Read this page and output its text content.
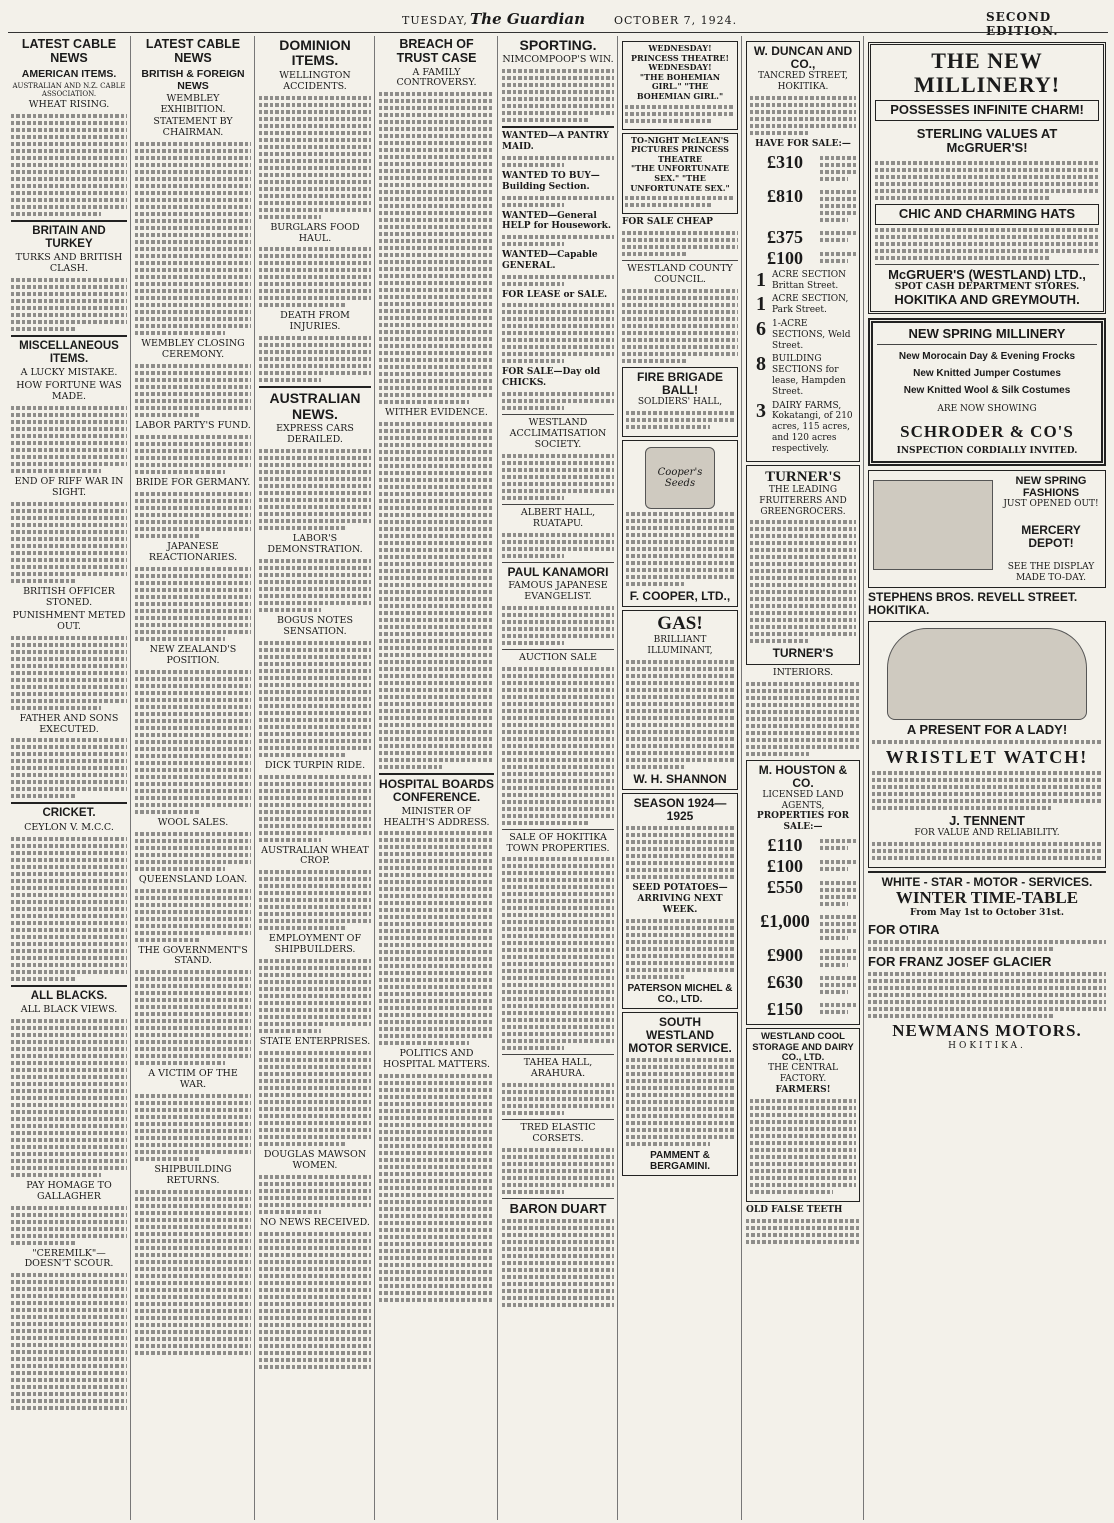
TUESDAY, The Guardian	OCTOBER 7, 1924.	SECOND EDITION.
LATEST CABLE NEWS
AMERICAN ITEMS.
AUSTRALIAN AND N.Z. CABLE ASSOCIATION.
WHEAT RISING.
BRITAIN AND TURKEY
TURKS AND BRITISH CLASH.
MISCELLANEOUS ITEMS.
A LUCKY MISTAKE.
HOW FORTUNE WAS MADE.
END OF RIFF WAR IN SIGHT.
BRITISH OFFICER STONED.
PUNISHMENT METED OUT.
FATHER AND SONS EXECUTED.
CRICKET.
CEYLON V. M.C.C.
ALL BLACKS.
ALL BLACK VIEWS.
PAY HOMAGE TO GALLAGHER
"CEREMILK"—DOESN'T SCOUR.
LATEST CABLE NEWS
BRITISH & FOREIGN NEWS
WEMBLEY EXHIBITION.
STATEMENT BY CHAIRMAN.
WEMBLEY CLOSING CEREMONY.
LABOR PARTY'S FUND.
BRIDE FOR GERMANY.
JAPANESE REACTIONARIES.
NEW ZEALAND'S POSITION.
WOOL SALES.
QUEENSLAND LOAN.
THE GOVERNMENT'S STAND.
A VICTIM OF THE WAR.
SHIPBUILDING RETURNS.
DOMINION ITEMS.
WELLINGTON ACCIDENTS.
BURGLARS FOOD HAUL.
DEATH FROM INJURIES.
AUSTRALIAN NEWS.
EXPRESS CARS DERAILED.
LABOR'S DEMONSTRATION.
BOGUS NOTES SENSATION.
DICK TURPIN RIDE.
AUSTRALIAN WHEAT CROP.
EMPLOYMENT OF SHIPBUILDERS.
STATE ENTERPRISES.
DOUGLAS MAWSON WOMEN.
NO NEWS RECEIVED.
BREACH OF TRUST CASE
A FAMILY CONTROVERSY.
WITHER EVIDENCE.
HOSPITAL BOARDS CONFERENCE.
MINISTER OF HEALTH'S ADDRESS.
POLITICS AND HOSPITAL MATTERS.
SPORTING.
NIMCOMPOOP'S WIN.
WANTED—A PANTRY MAID.
WANTED TO BUY—Building Section.
WANTED—General HELP for Housework.
WANTED—Capable GENERAL.
FOR LEASE or SALE.
FOR SALE—Day old CHICKS.
WESTLAND ACCLIMATISATION SOCIETY.
ALBERT HALL, RUATAPU.
PAUL KANAMORI
FAMOUS JAPANESE EVANGELIST.
AUCTION SALE
SALE OF HOKITIKA TOWN PROPERTIES.
TAHEA HALL, ARAHURA.
TRED ELASTIC CORSETS.
BARON DUART
WEDNESDAY! PRINCESS THEATRE! WEDNESDAY!
"THE BOHEMIAN GIRL." "THE BOHEMIAN GIRL."
TO-NIGHT McLEAN'S PICTURES PRINCESS THEATRE
"THE UNFORTUNATE SEX." "THE UNFORTUNATE SEX."
FOR SALE CHEAP
WESTLAND COUNTY COUNCIL.
FIRE BRIGADE BALL!
SOLDIERS' HALL,
Cooper's Seeds
F. COOPER, LTD.,
GAS!
BRILLIANT ILLUMINANT,
W. H. SHANNON
SEASON 1924—1925
SEED POTATOES—ARRIVING NEXT WEEK.
PATERSON MICHEL & CO., LTD.
SOUTH WESTLAND MOTOR SERVICE.
PAMMENT & BERGAMINI.
W. DUNCAN AND CO.,
TANCRED STREET, HOKITIKA.
HAVE FOR SALE:—
£310
£810
£375
£100
1 ACRE SECTION Brittan Street.
1 ACRE SECTION, Park Street.
6 1-ACRE SECTIONS, Weld Street.
8 BUILDING SECTIONS for lease, Hampden Street.
3 DAIRY FARMS, Kokatangi, of 210 acres, 115 acres, and 120 acres respectively.
TURNER'S
THE LEADING FRUITERERS AND GREENGROCERS.
TURNER'S
INTERIORS.
M. HOUSTON & CO.
LICENSED LAND AGENTS,
PROPERTIES FOR SALE:—
£110
£100
£550
£1,000
£900
£630
£150
WESTLAND COOL STORAGE AND DAIRY CO., LTD.
THE CENTRAL FACTORY.
FARMERS!
OLD FALSE TEETH
THE NEW MILLINERY!
POSSESSES INFINITE CHARM!
STERLING VALUES AT McGRUER'S!
CHIC AND CHARMING HATS
McGRUER'S (WESTLAND) LTD.,
SPOT CASH DEPARTMENT STORES.
HOKITIKA AND GREYMOUTH.
NEW SPRING MILLINERY
New Morocain Day & Evening Frocks
New Knitted Jumper Costumes
New Knitted Wool & Silk Costumes
ARE NOW SHOWING
SCHRODER & CO'S
INSPECTION CORDIALLY INVITED.
NEW SPRING FASHIONS
JUST OPENED OUT!
MERCERY DEPOT!
SEE THE DISPLAY MADE TO-DAY.
STEPHENS BROS. REVELL STREET. HOKITIKA.
A PRESENT FOR A LADY!
WRISTLET WATCH!
J. TENNENT
FOR VALUE AND RELIABILITY.
WHITE - STAR - MOTOR - SERVICES.
WINTER TIME-TABLE
From May 1st to October 31st.
FOR OTIRA
FOR FRANZ JOSEF GLACIER
NEWMANS MOTORS.
HOKITIKA.
